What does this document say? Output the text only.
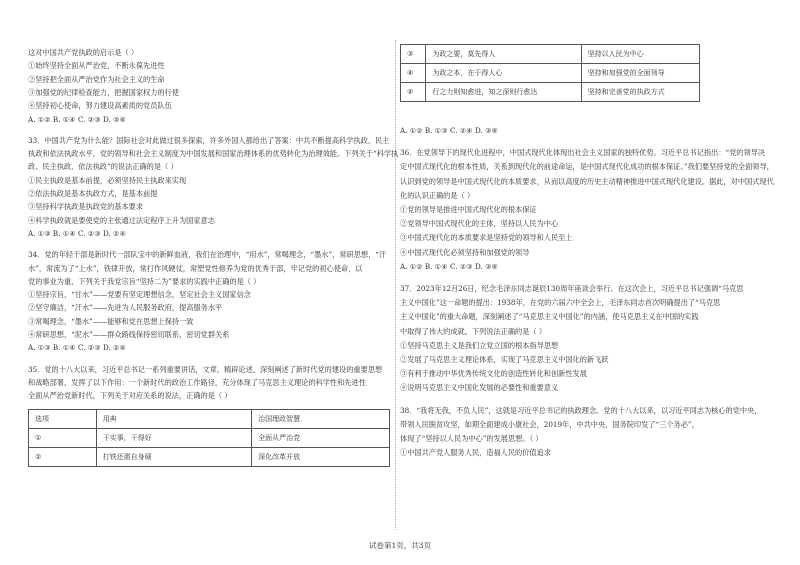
这对中国共产党执政的启示是（ ）
①始终坚持全面从严治党，不断永葆先进性
②坚持把全面从严治党作为社会主义的生命
③加强党的纪律检查能力，把握国家权力的行使
④坚持初心使命，努力建设高素质的党员队伍
A. ①② B. ①④ C. ②③ D. ③④
33．中国共产党为什么能？国际社会对此做过很多探索，许多外国人都给出了答案：中共不断提高科学执政、民主
执政和依法执政水平，党的领导和社会主义制度为中国发展和国家治理体系的优势转化为治理效能。下列关于“科学执
政、民主执政、依法执政”的说法正确的是（ ）
①民主执政是基本前提，必须坚持民主执政来实现
②依法执政是基本执政方式，是基本前提
③坚持科学执政是执政党的基本要求
④科学执政就是要使党的主张通过法定程序上升为国家意志
A. ①③ B. ①④ C. ②③ D. ②④
34．党的年轻干部是新时代一部队宝中的新鲜血液，我们在治理中，“用水”，常喝理念，“墨水”，常研思想，“汗
水”，常流为了“上水”，铁律开放，常打作风硬仗，常塑党性修养为党的优秀干部，牢记党的初心使命，以
党的事业为重，下列关于我党宗旨“坚持二为”要求的实践中正确的是（ ）
①坚持宗旨，“甘水”——党要有坚定理想信念，坚定社会主义国家信念
②坚守廉洁，“汗水”——先进为人民服务政府，提高服务水平
③常喝理念，“墨水”——能够和党在思想上保持一致
④常研思想，“泥水”——群众路线保持密切联系，密切党群关系
A. ①③ B. ①④ C. ②③ D. ②④
35．党的十八大以来，习近平总书记一系列重要讲话，文章，精辟论述，深刻阐述了新时代党的建设的重要思想
和战略部署，发挥了以下作用：一个新时代的政治工作路径，充分体现了马克思主义理论的科学性和先进性
全面从严治党新时代，下列关于对应关系的说法，正确的是（ ）
选项	用典	治国理政智慧
①	干实事，干得好	全面从严治党
②	打铁还需自身硬	深化改革开放
③	为政之要，莫先得人	坚持以人民为中心
④	为政之本，在于得人心	坚持和加强党的全面领导
④	行之力则知愈进，知之深则行愈达	坚持和完善党的执政方式
A. ①② B. ①③ C. ②④ D. ③④
36．在党领导下的现代化进程中，中国式现代化体现出社会主义国家的独特优势。习近平总书记指出：“党的领导决
定中国式现代化的根本性质，关系到现代化的前途命运，是中国式现代化成功的根本保证。”我们要坚持党的全面领导，
认识到党的领导是中国式现代化的本质要求，从而以高度的历史主动精神推进中国式现代化建设。据此，对中国式现代
化的认识正确的是（ ）
①党的领导是推进中国式现代化的根本保证
②党领导中国式现代化的主体，坚持以人民为中心
③中国式现代化的本质要求是坚持党的领导和人民至上
④中国式现代化必须坚持和加强党的领导
A. ①② B. ①④ C. ②③ D. ③④
37．2023年12月26日，纪念毛泽东同志诞辰130周年座谈会举行。在这次会上，习近平总书记强调“马克思
主义中国化”这一命题的提出：1938年，在党的六届六中全会上，毛泽东同志首次明确提出了“马克思
主义中国化”的重大命题，深刻阐述了“马克思主义中国化”的内涵，使马克思主义在中国的实践
中取得了伟大的成就。下列说法正确的是（ ）
①坚持马克思主义是我们立党立国的根本指导思想
②发展了马克思主义理论体系，实现了马克思主义中国化的新飞跃
③有利于推动中华优秀传统文化的创造性转化和创新性发展
④说明马克思主义中国化发展的必要性和重要意义
38．“我将无我，不负人民”，这就是习近平总书记的执政理念。党的十八大以来，以习近平同志为核心的党中央，
带领人民脱贫攻坚，如期全面建成小康社会，2019年，中共中央，国务院印发了“三个务必”，
体现了“坚持以人民为中心”的发展思想。（ ）
①中国共产党人服务人民，造福人民的价值追求
试卷第1页，共3页
